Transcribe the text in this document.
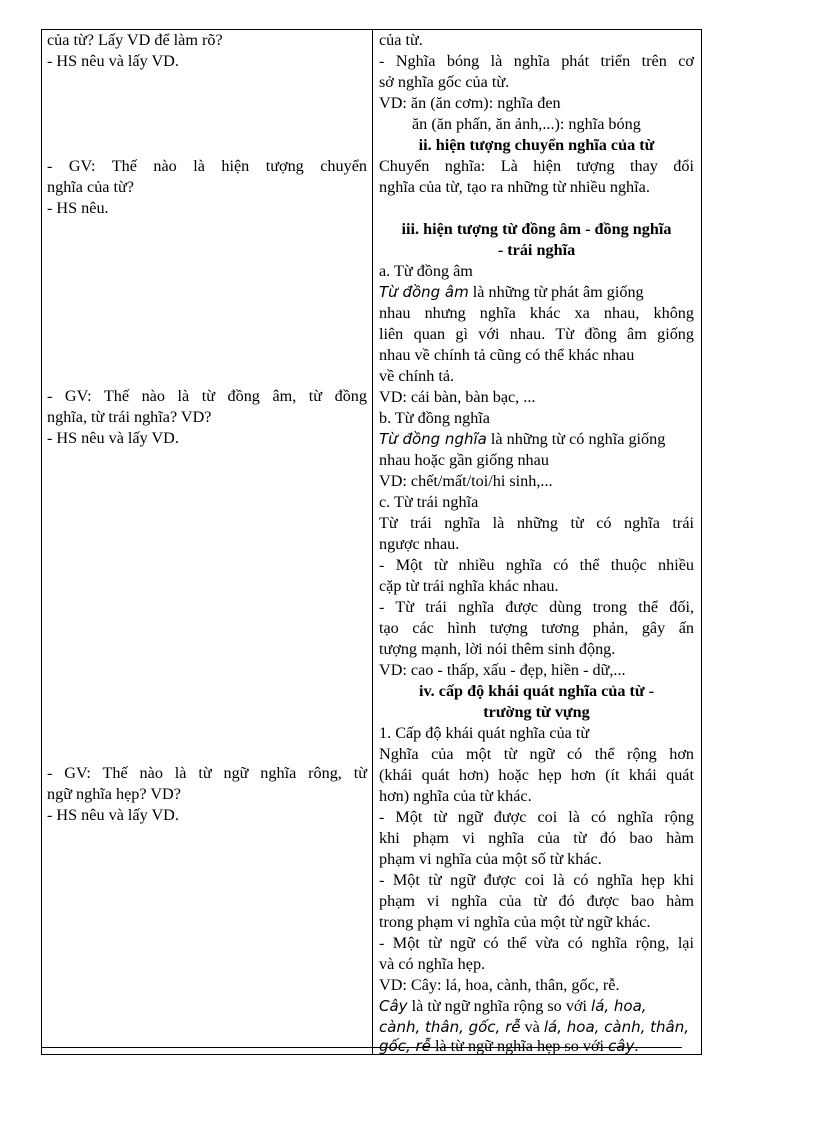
của từ? Lấy VD để làm rõ?
- HS nêu và lấy VD.
- GV: Thế nào là hiện tượng chuyển
nghĩa của từ?
- HS nêu.
- GV: Thế nào là từ đồng âm, từ đồng
nghĩa, từ trái nghĩa? VD?
- HS nêu và lấy VD.
- GV: Thế nào là từ ngữ nghĩa rông, từ
ngữ nghĩa hẹp? VD?
- HS nêu và lấy VD.
của từ.
- Nghĩa bóng là nghĩa phát triển trên cơ
sở nghĩa gốc của từ.
VD: ăn (ăn cơm): nghĩa đen
ăn (ăn phấn, ăn ảnh,...): nghĩa bóng
ii. hiện tượng chuyển nghĩa của từ
Chuyển nghĩa: Là hiện tượng thay đổi
nghĩa của từ, tạo ra những từ nhiều nghĩa.
iii. hiện tượng từ đồng âm - đồng nghĩa
- trái nghĩa
a. Từ đồng âm
Từ đồng âm là những từ phát âm giống
nhau nhưng nghĩa khác xa nhau, không
liên quan gì với nhau. Từ đồng âm giống
nhau về chính tả cũng có thể khác nhau
về chính tả.
VD: cái bàn, bàn bạc, ...
b. Từ đồng nghĩa
Từ đồng nghĩa là những từ có nghĩa giống
nhau hoặc gần giống nhau
VD: chết/mất/toi/hi sinh,...
c. Từ trái nghĩa
Từ trái nghĩa là những từ có nghĩa trái
ngược nhau.
- Một từ nhiều nghĩa có thể thuộc nhiều
cặp từ trái nghĩa khác nhau.
- Từ trái nghĩa được dùng trong thể đối,
tạo các hình tượng tương phản, gây ấn
tượng mạnh, lời nói thêm sinh động.
VD: cao - thấp, xấu - đẹp, hiền - dữ,...
iv. cấp độ khái quát nghĩa của từ -
trường từ vựng
1. Cấp độ khái quát nghĩa của từ
Nghĩa của một từ ngữ có thể rộng hơn
(khái quát hơn) hoặc hẹp hơn (ít khái quát
hơn) nghĩa của từ khác.
- Một từ ngữ được coi là có nghĩa rộng
khi phạm vi nghĩa của từ đó bao hàm
phạm vi nghĩa của một số từ khác.
- Một từ ngữ được coi là có nghĩa hẹp khi
phạm vi nghĩa của từ đó được bao hàm
trong phạm vi nghĩa của một từ ngữ khác.
- Một từ ngữ có thể vừa có nghĩa rộng, lại
và có nghĩa hẹp.
VD: Cây: lá, hoa, cành, thân, gốc, rễ.
Cây là từ ngữ nghĩa rộng so với lá, hoa,
cành, thân, gốc, rễ và lá, hoa, cành, thân,
gốc, rễ là từ ngữ nghĩa hẹp so với cây.
